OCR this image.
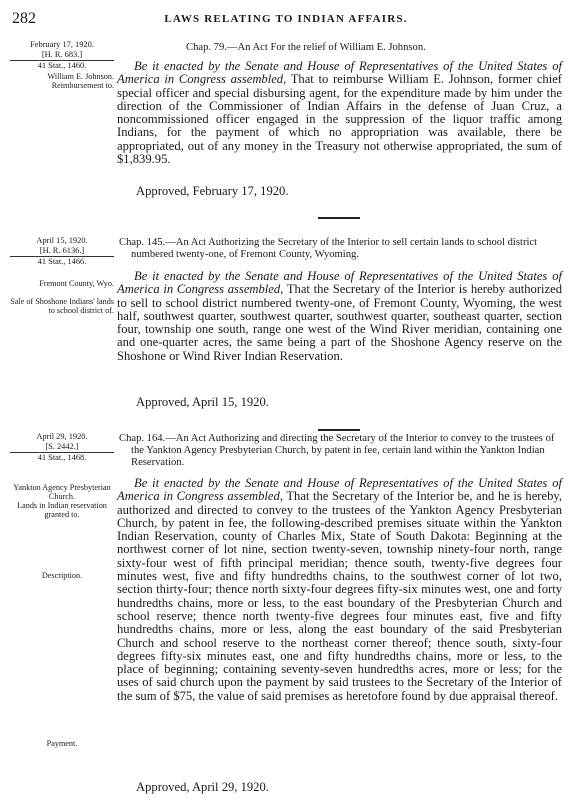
282	LAWS RELATING TO INDIAN AFFAIRS.
February 17, 1920.
[H. R. 683.]
41 Stat., 1460.
William E. Johnson. Reimbursement to.
Chap. 79.—An Act For the relief of William E. Johnson.

Be it enacted by the Senate and House of Representatives of the United States of America in Congress assembled, That to reimburse William E. Johnson, former chief special officer and special disbursing agent, for the expenditure made by him under the direction of the Commissioner of Indian Affairs in the defense of Juan Cruz, a noncommissioned officer engaged in the suppression of the liquor traffic among Indians, for the payment of which no appropriation was available, there be appropriated, out of any money in the Treasury not otherwise appropriated, the sum of $1,839.95.

Approved, February 17, 1920.
April 15, 1920.
[H. R. 6136.]
41 Stat., 1466.
Fremont County, Wyo.
Sale of Shoshone Indians' lands to school district of.
Chap. 145.—An Act Authorizing the Secretary of the Interior to sell certain lands to school district numbered twenty-one, of Fremont County, Wyoming.

Be it enacted by the Senate and House of Representatives of the United States of America in Congress assembled, That the Secretary of the Interior is hereby authorized to sell to school district numbered twenty-one, of Fremont County, Wyoming, the west half, southwest quarter, southwest quarter, southwest quarter, southeast quarter, section four, township one south, range one west of the Wind River meridian, containing one and one-quarter acres, the same being a part of the Shoshone Agency reserve on the Shoshone or Wind River Indian Reservation.

Approved, April 15, 1920.
April 29, 1920.
[S. 2442.]
41 Stat., 1468.
Yankton Agency Presbyterian Church.
Lands in Indian reservation granted to.
Description.
Payment.
Chap. 164.—An Act Authorizing and directing the Secretary of the Interior to convey to the trustees of the Yankton Agency Presbyterian Church, by patent in fee, certain land within the Yankton Indian Reservation.

Be it enacted by the Senate and House of Representatives of the United States of America in Congress assembled, That the Secretary of the Interior be, and he is hereby, authorized and directed to convey to the trustees of the Yankton Agency Presbyterian Church, by patent in fee, the following-described premises situate within the Yankton Indian Reservation, county of Charles Mix, State of South Dakota: Beginning at the northwest corner of lot nine, section twenty-seven, township ninety-four north, range sixty-four west of fifth principal meridian; thence south, twenty-five degrees four minutes west, five and fifty hundredths chains, to the southwest corner of lot two, section thirty-four; thence north sixty-four degrees fifty-six minutes west, one and forty hundredths chains, more or less, to the east boundary of the Presbyterian Church and school reserve; thence north twenty-five degrees four minutes east, five and fifty hundredths chains, more or less, along the east boundary of the said Presbyterian Church and school reserve to the northeast corner thereof; thence south, sixty-four degrees fifty-six minutes east, one and fifty hundredths chains, more or less, to the place of beginning; containing seventy-seven hundredths acres, more or less; for the uses of said church upon the payment by said trustees to the Secretary of the Interior of the sum of $75, the value of said premises as heretofore found by due appraisal thereof.

Approved, April 29, 1920.
